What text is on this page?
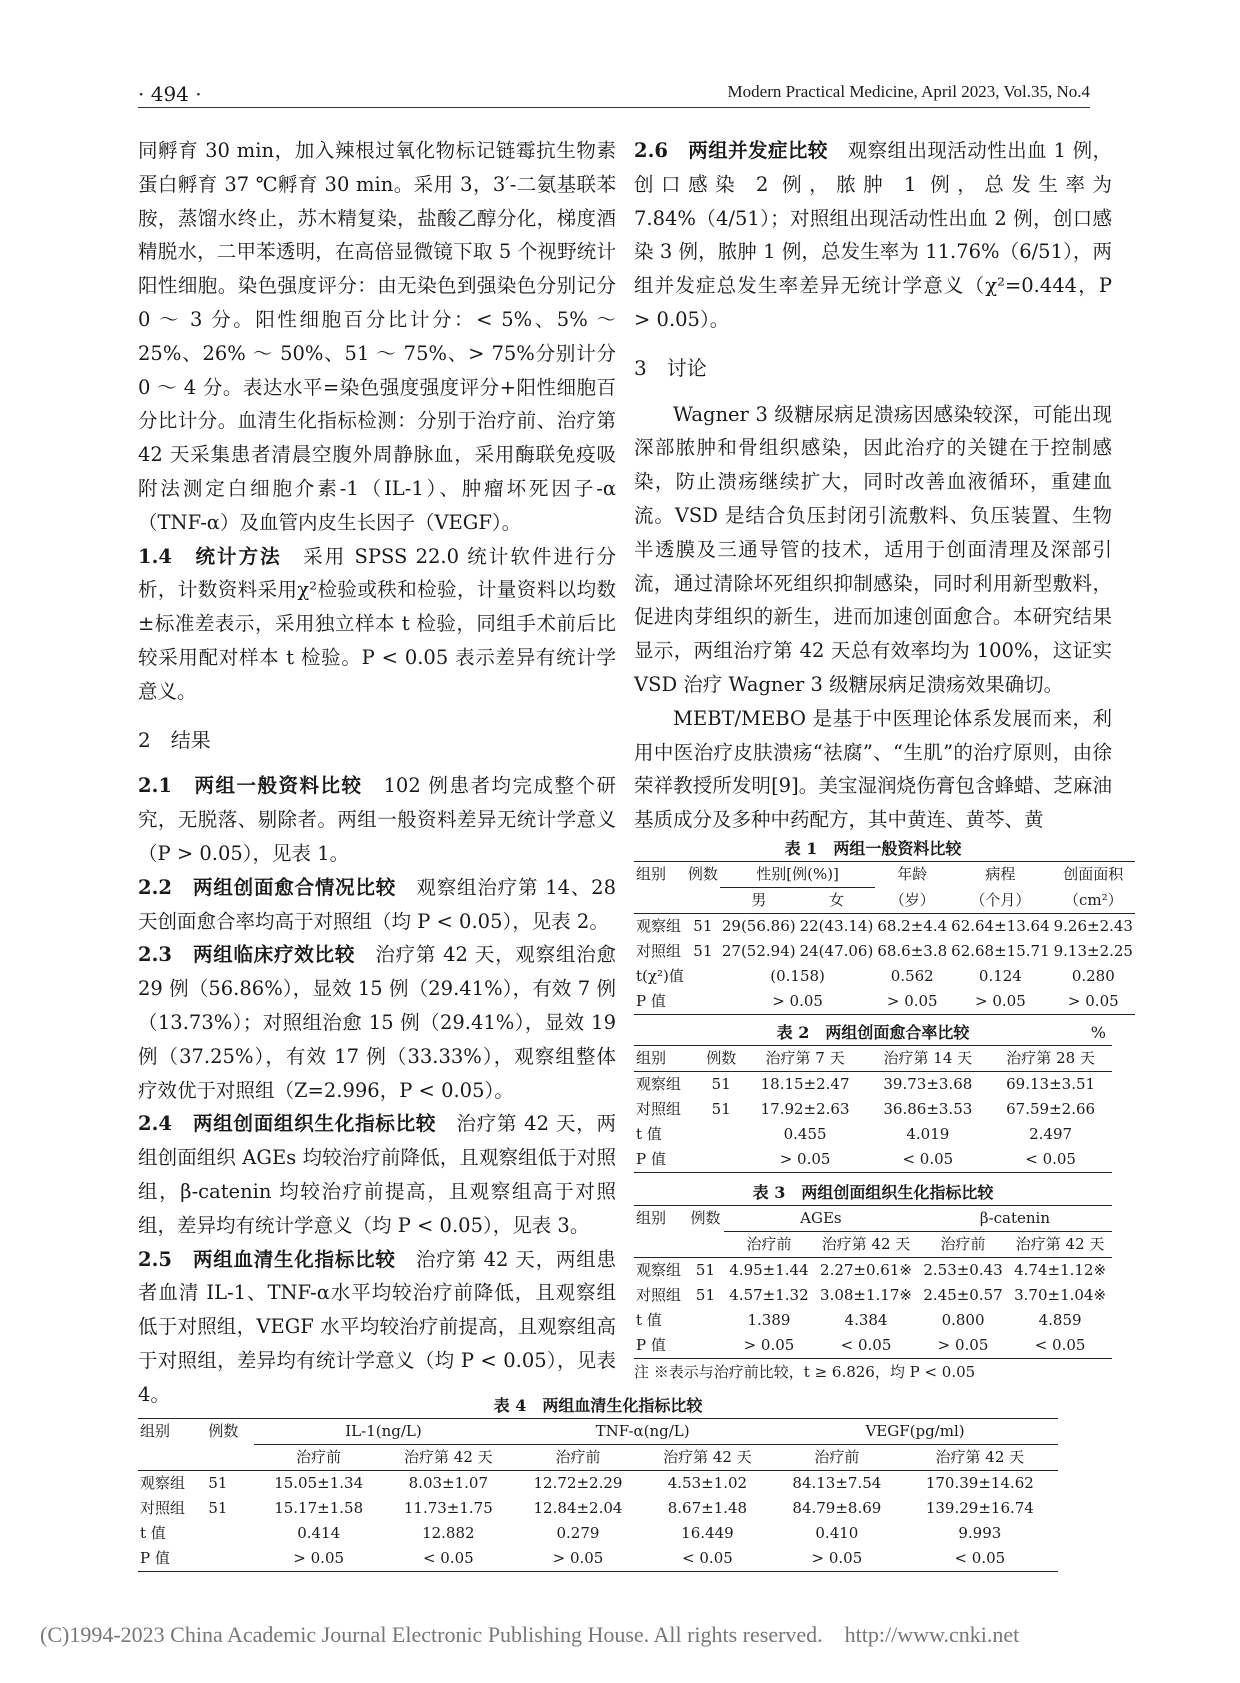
· 494 ·	Modern Practical Medicine, April 2023, Vol.35, No.4

同孵育 30 min，加入辣根过氧化物标记链霉抗生物素蛋白孵育 37 ℃孵育 30 min。采用 3，3′-二氨基联苯胺，蒸馏水终止，苏木精复染，盐酸乙醇分化，梯度酒精脱水，二甲苯透明，在高倍显微镜下取 5 个视野统计阳性细胞。染色强度评分：由无染色到强染色分别记分 0 ～ 3 分。阳性细胞百分比计分：< 5%、5% ～ 25%、26% ～ 50%、51 ～ 75%、> 75%分别计分 0 ～ 4 分。表达水平=染色强度强度评分+阳性细胞百分比计分。血清生化指标检测：分别于治疗前、治疗第 42 天采集患者清晨空腹外周静脉血，采用酶联免疫吸附法测定白细胞介素-1（IL-1）、肿瘤坏死因子-α（TNF-α）及血管内皮生长因子（VEGF）。

1.4　统计方法　采用 SPSS 22.0 统计软件进行分析，计数资料采用χ²检验或秩和检验，计量资料以均数±标准差表示，采用独立样本 t 检验，同组手术前后比较采用配对样本 t 检验。P < 0.05 表示差异有统计学意义。

2　结果

2.1　两组一般资料比较　102 例患者均完成整个研究，无脱落、剔除者。两组一般资料差异无统计学意义（P > 0.05），见表 1。

2.2　两组创面愈合情况比较　观察组治疗第 14、28 天创面愈合率均高于对照组（均 P < 0.05），见表 2。

2.3　两组临床疗效比较　治疗第 42 天，观察组治愈 29 例（56.86%），显效 15 例（29.41%），有效 7 例（13.73%）；对照组治愈 15 例（29.41%），显效 19 例（37.25%），有效 17 例（33.33%），观察组整体疗效优于对照组（Z=2.996，P < 0.05）。

2.4　两组创面组织生化指标比较　治疗第 42 天，两组创面组织 AGEs 均较治疗前降低，且观察组低于对照组，β-catenin 均较治疗前提高，且观察组高于对照组，差异均有统计学意义（均 P < 0.05），见表 3。

2.5　两组血清生化指标比较　治疗第 42 天，两组患者血清 IL-1、TNF-α水平均较治疗前降低，且观察组低于对照组，VEGF 水平均较治疗前提高，且观察组高于对照组，差异均有统计学意义（均 P < 0.05），见表 4。

2.6　两组并发症比较　观察组出现活动性出血 1 例，创口感染 2 例，脓肿 1 例，总发生率为 7.84%（4/51）；对照组出现活动性出血 2 例，创口感染 3 例，脓肿 1 例，总发生率为 11.76%（6/51），两组并发症总发生率差异无统计学意义（χ²=0.444，P > 0.05）。

3　讨论

Wagner 3 级糖尿病足溃疡因感染较深，可能出现深部脓肿和骨组织感染，因此治疗的关键在于控制感染，防止溃疡继续扩大，同时改善血液循环，重建血流。VSD 是结合负压封闭引流敷料、负压装置、生物半透膜及三通导管的技术，适用于创面清理及深部引流，通过清除坏死组织抑制感染，同时利用新型敷料，促进肉芽组织的新生，进而加速创面愈合。本研究结果显示，两组治疗第 42 天总有效率均为 100%，这证实 VSD 治疗 Wagner 3 级糖尿病足溃疡效果确切。

MEBT/MEBO 是基于中医理论体系发展而来，利用中医治疗皮肤溃疡“祛腐”、“生肌”的治疗原则，由徐荣祥教授所发明[9]。美宝湿润烧伤膏包含蜂蜡、芝麻油基质成分及多种中药配方，其中黄连、黄芩、黄

表 1　两组一般资料比较
组别	例数	性别[例(%)]		年龄	病程	创面面积
		男	女	（岁）	（个月）	（cm²）
观察组	51	29(56.86)	22(43.14)	68.2±4.4	62.64±13.64	9.26±2.43
对照组	51	27(52.94)	24(47.06)	68.6±3.8	62.68±15.71	9.13±2.25
t(χ²)值		(0.158)		0.562	0.124	0.280
P 值		> 0.05		> 0.05	> 0.05	> 0.05
表 2　两组创面愈合率比较	%
组别	例数	治疗第 7 天	治疗第 14 天	治疗第 28 天
观察组	51	18.15±2.47	39.73±3.68	69.13±3.51
对照组	51	17.92±2.63	36.86±3.53	67.59±2.66
t 值		0.455	4.019	2.497
P 值		> 0.05	< 0.05	< 0.05
表 3　两组创面组织生化指标比较
组别	例数	AGEs		β-catenin	
		治疗前	治疗第 42 天	治疗前	治疗第 42 天
观察组	51	4.95±1.44	2.27±0.61※	2.53±0.43	4.74±1.12※
对照组	51	4.57±1.32	3.08±1.17※	2.45±0.57	3.70±1.04※
t 值		1.389	4.384	0.800	4.859
P 值		> 0.05	< 0.05	> 0.05	< 0.05
注 ※表示与治疗前比较，t ≥ 6.826，均 P < 0.05
表 4　两组血清生化指标比较
组别	例数	IL-1(ng/L)		TNF-α(ng/L)		VEGF(pg/ml)	
		治疗前	治疗第 42 天	治疗前	治疗第 42 天	治疗前	治疗第 42 天
观察组	51	15.05±1.34	8.03±1.07	12.72±2.29	4.53±1.02	84.13±7.54	170.39±14.62
对照组	51	15.17±1.58	11.73±1.75	12.84±2.04	8.67±1.48	84.79±8.69	139.29±16.74
t 值		0.414	12.882	0.279	16.449	0.410	9.993
P 值		> 0.05	< 0.05	> 0.05	< 0.05	> 0.05	< 0.05
(C)1994-2023 China Academic Journal Electronic Publishing House. All rights reserved.　http://www.cnki.net
